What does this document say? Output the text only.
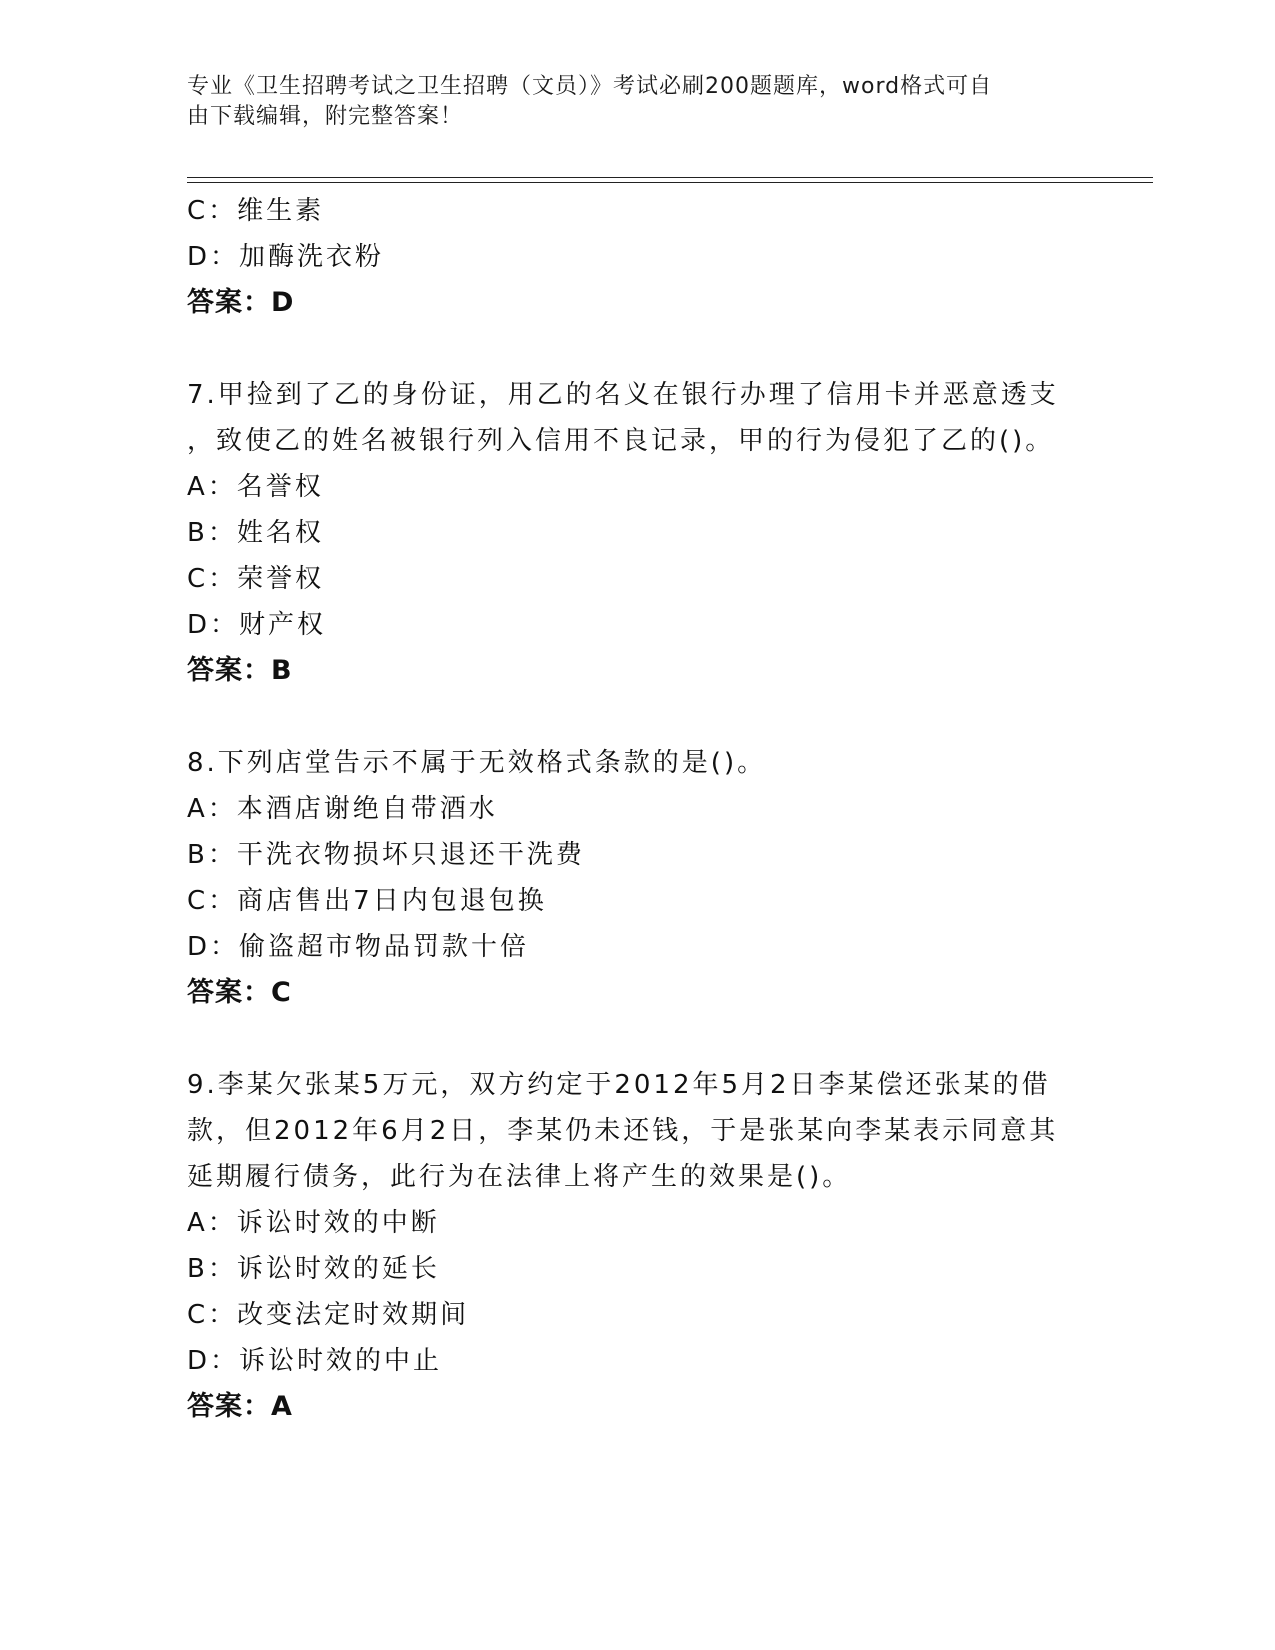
专业《卫生招聘考试之卫生招聘（文员）》考试必刷200题题库，word格式可自

由下载编辑，附完整答案！

C：维生素
D：加酶洗衣粉
答案：D
7.甲捡到了乙的身份证，用乙的名义在银行办理了信用卡并恶意透支
，致使乙的姓名被银行列入信用不良记录，甲的行为侵犯了乙的()。
A：名誉权
B：姓名权
C：荣誉权
D：财产权
答案：B
8.下列店堂告示不属于无效格式条款的是()。
A：本酒店谢绝自带酒水
B：干洗衣物损坏只退还干洗费
C：商店售出7日内包退包换
D：偷盗超市物品罚款十倍
答案：C
9.李某欠张某5万元，双方约定于2012年5月2日李某偿还张某的借
款，但2012年6月2日，李某仍未还钱，于是张某向李某表示同意其
延期履行债务，此行为在法律上将产生的效果是()。
A：诉讼时效的中断
B：诉讼时效的延长
C：改变法定时效期间
D：诉讼时效的中止
答案：A
